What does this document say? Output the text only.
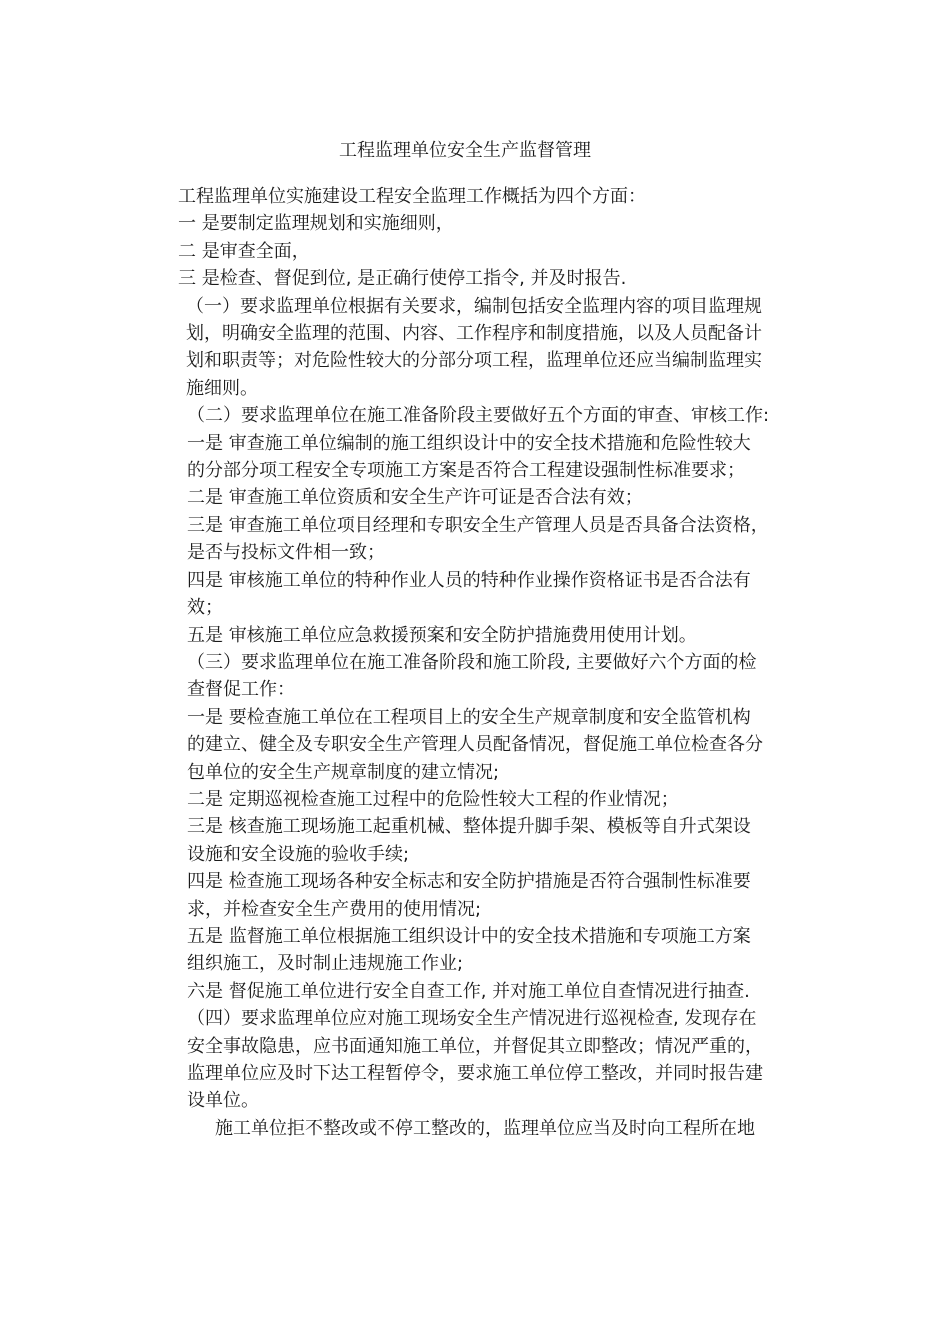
工程监理单位安全生产监督管理
工程监理单位实施建设工程安全监理工作概括为四个方面：
一 是要制定监理规划和实施细则，
二 是审查全面，
三 是检查、督促到位, 是正确行使停工指令, 并及时报告.
（一）要求监理单位根据有关要求，编制包括安全监理内容的项目监理规
划，明确安全监理的范围、内容、工作程序和制度措施，以及人员配备计
划和职责等；对危险性较大的分部分项工程，监理单位还应当编制监理实
施细则。
（二）要求监理单位在施工准备阶段主要做好五个方面的审查、审核工作:
一是 审查施工单位编制的施工组织设计中的安全技术措施和危险性较大
的分部分项工程安全专项施工方案是否符合工程建设强制性标准要求；
二是 审查施工单位资质和安全生产许可证是否合法有效；
三是 审查施工单位项目经理和专职安全生产管理人员是否具备合法资格，
是否与投标文件相一致；
四是 审核施工单位的特种作业人员的特种作业操作资格证书是否合法有
效；
五是 审核施工单位应急救援预案和安全防护措施费用使用计划。
（三）要求监理单位在施工准备阶段和施工阶段, 主要做好六个方面的检
查督促工作：
一是 要检查施工单位在工程项目上的安全生产规章制度和安全监管机构
的建立、健全及专职安全生产管理人员配备情况，督促施工单位检查各分
包单位的安全生产规章制度的建立情况;
二是 定期巡视检查施工过程中的危险性较大工程的作业情况；
三是 核查施工现场施工起重机械、整体提升脚手架、模板等自升式架设
设施和安全设施的验收手续;
四是 检查施工现场各种安全标志和安全防护措施是否符合强制性标准要
求，并检查安全生产费用的使用情况;
五是 监督施工单位根据施工组织设计中的安全技术措施和专项施工方案
组织施工，及时制止违规施工作业;
六是 督促施工单位进行安全自查工作, 并对施工单位自查情况进行抽查.
（四）要求监理单位应对施工现场安全生产情况进行巡视检查, 发现存在
安全事故隐患，应书面通知施工单位，并督促其立即整改；情况严重的，
监理单位应及时下达工程暂停令，要求施工单位停工整改，并同时报告建
设单位。
施工单位拒不整改或不停工整改的，监理单位应当及时向工程所在地
